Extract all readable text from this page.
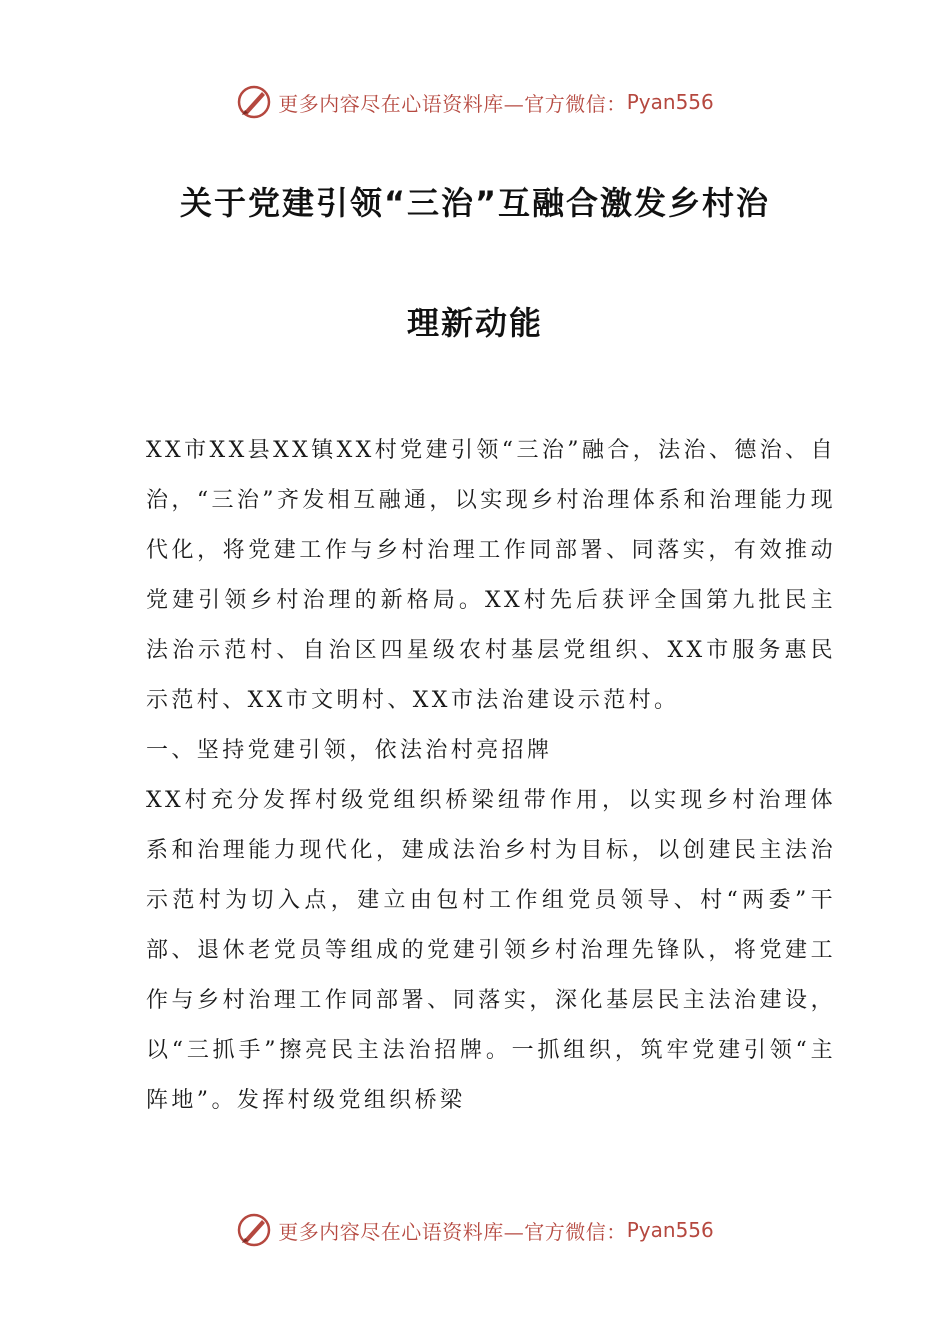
更多内容尽在心语资料库—官方微信： Pyan556
关于党建引领“三治”互融合激发乡村治
理新动能

XX市XX县XX镇XX村党建引领“三治”融合，法治、德治、自治，“三治”齐发相互融通，以实现乡村治理体系和治理能力现代化，将党建工作与乡村治理工作同部署、同落实，有效推动党建引领乡村治理的新格局。XX村先后获评全国第九批民主法治示范村、自治区四星级农村基层党组织、XX市服务惠民示范村、XX市文明村、XX市法治建设示范村。

一、坚持党建引领，依法治村亮招牌

XX村充分发挥村级党组织桥梁纽带作用，以实现乡村治理体系和治理能力现代化，建成法治乡村为目标，以创建民主法治示范村为切入点，建立由包村工作组党员领导、村“两委”干部、退休老党员等组成的党建引领乡村治理先锋队，将党建工作与乡村治理工作同部署、同落实，深化基层民主法治建设，以“三抓手”擦亮民主法治招牌。一抓组织，筑牢党建引领“主阵地”。发挥村级党组织桥梁

更多内容尽在心语资料库—官方微信： Pyan556
